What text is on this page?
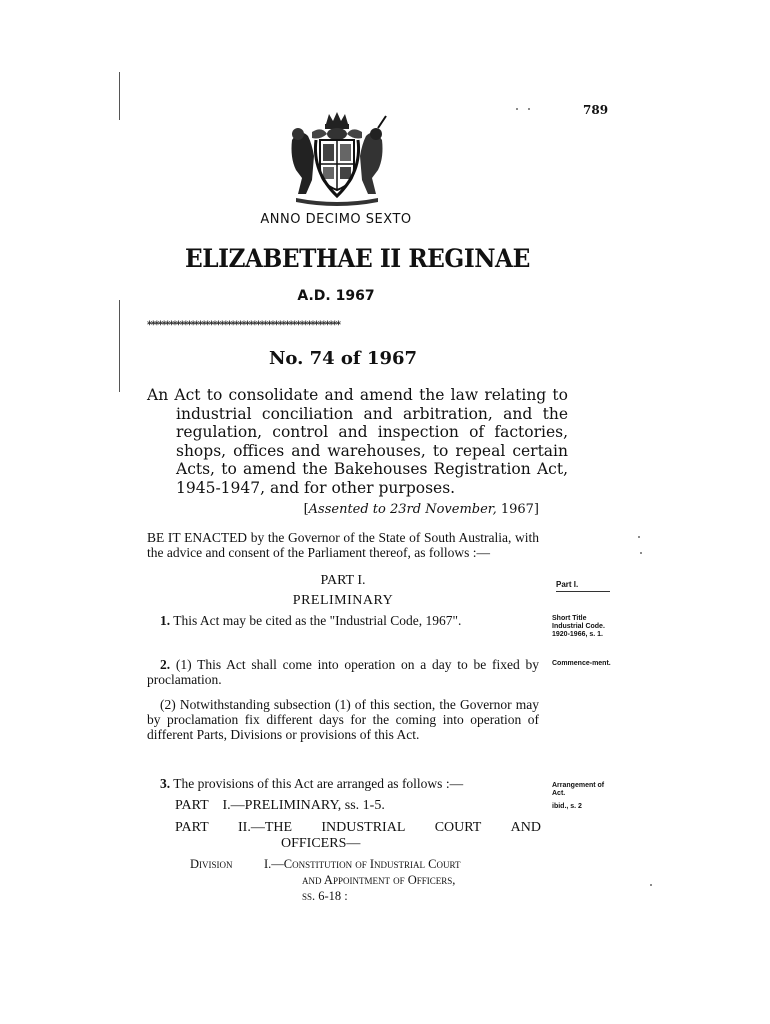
789
ANNO DECIMO SEXTO
ELIZABETHAE II REGINAE
A.D. 1967
*****************************************************
No. 74 of 1967
An Act to consolidate and amend the law relating to industrial conciliation and arbitration, and the regulation, control and inspection of factories, shops, offices and warehouses, to repeal certain Acts, to amend the Bakehouses Registration Act, 1945-1947, and for other purposes.
[Assented to 23rd November, 1967]
BE IT ENACTED by the Governor of the State of South Australia, with the advice and consent of the Parliament thereof, as follows :—
PART I.
PRELIMINARY
1. This Act may be cited as the "Industrial Code, 1967".
2. (1) This Act shall come into operation on a day to be fixed by proclamation.
(2) Notwithstanding subsection (1) of this section, the Governor may by proclamation fix different days for the coming into operation of different Parts, Divisions or provisions of this Act.
3. The provisions of this Act are arranged as follows :—
PART I.—PRELIMINARY, ss. 1-5.
PART II.—THE INDUSTRIAL COURT AND
OFFICERS—
Division	I.—Constitution of Industrial Court
and Appointment of Officers,
ss. 6-18 :
Part I.
Short Title Industrial Code. 1920-1966, s. 1.
Commence-ment.
Arrangement of Act.
ibid., s. 2
